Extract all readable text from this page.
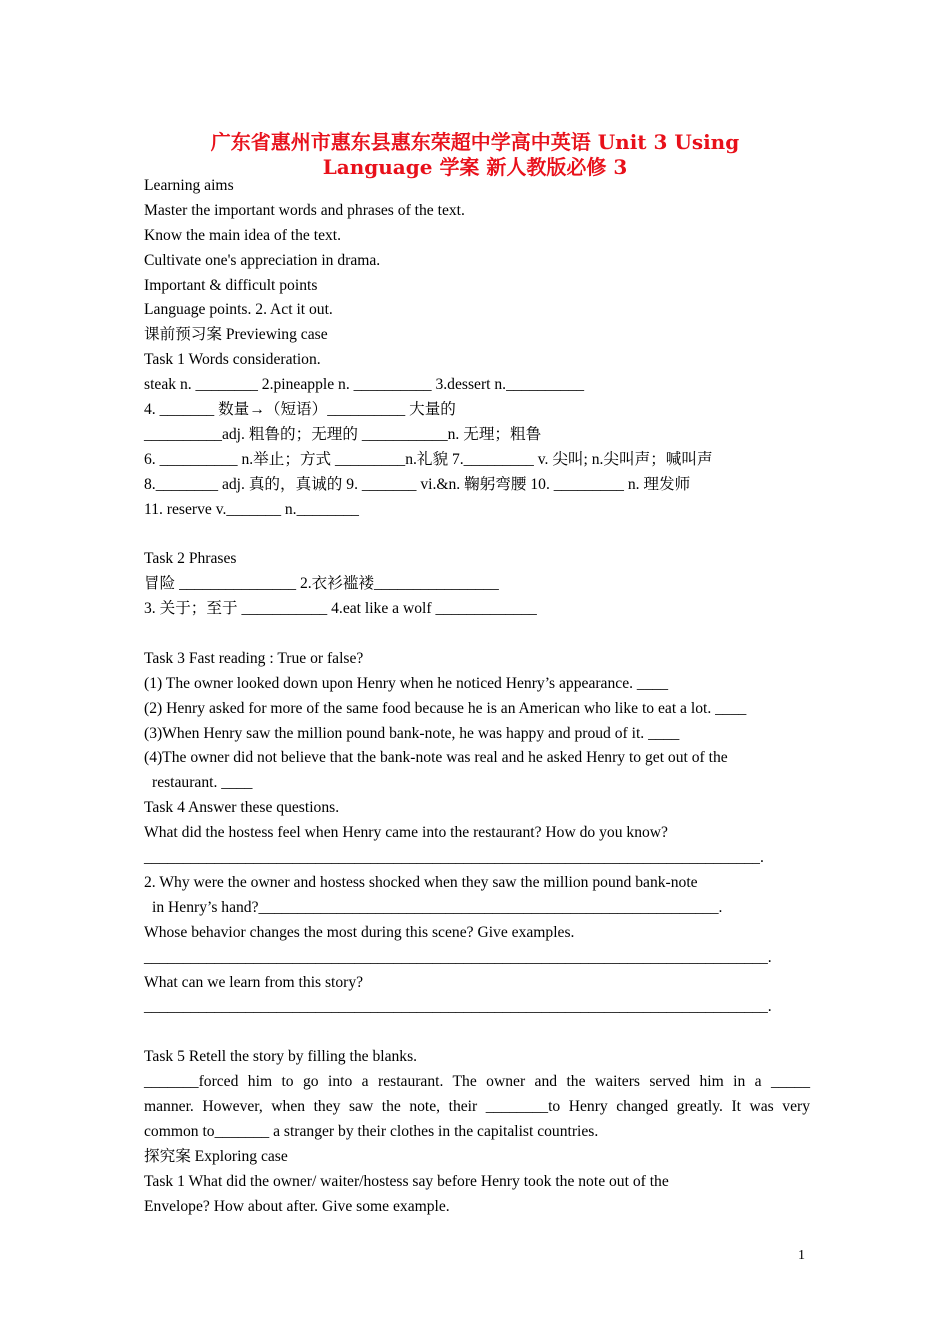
广东省惠州市惠东县惠东荣超中学高中英语 Unit 3 Using
Language 学案 新人教版必修 3
Learning aims
Master the important words and phrases of the text.
Know the main idea of the text.
Cultivate one's appreciation in drama.
Important & difficult points
Language points. 2. Act it out.
课前预习案 Previewing case
Task 1 Words consideration.
steak n. ________ 2.pineapple n. __________ 3.dessert n.__________
4. _______ 数量→（短语）__________ 大量的
__________adj. 粗鲁的；无理的 ___________n. 无理；粗鲁
6. __________ n.举止；方式 _________n.礼貌 7._________ v. 尖叫; n.尖叫声；喊叫声
8.________ adj. 真的，真诚的 9. _______ vi.&n. 鞠躬弯腰 10. _________ n. 理发师
11. reserve v._______ n.________
Task 2 Phrases
冒险 _______________ 2.衣衫褴褛________________
3. 关于；至于 ___________ 4.eat like a wolf _____________
Task 3 Fast reading : True or false?
(1) The owner looked down upon Henry when he noticed Henry’s appearance. ____
(2) Henry asked for more of the same food because he is an American who like to eat a lot. ____
(3)When Henry saw the million pound bank-note, he was happy and proud of it. ____
(4)The owner did not believe that the bank-note was real and he asked Henry to get out of the
restaurant. ____
Task 4 Answer these questions.
What did the hostess feel when Henry came into the restaurant? How do you know?
_______________________________________________________________________________.
2. Why were the owner and hostess shocked when they saw the million pound bank-note
in Henry’s hand?___________________________________________________________.
Whose behavior changes the most during this scene? Give examples.
________________________________________________________________________________.
What can we learn from this story?
________________________________________________________________________________.
Task 5 Retell the story by filling the blanks.
_______forced him to go into a restaurant. The owner and the waiters served him in a _____
manner. However, when they saw the note, their ________to Henry changed greatly. It was very
common to_______ a stranger by their clothes in the capitalist countries.
探究案 Exploring case
Task 1 What did the owner/ waiter/hostess say before Henry took the note out of the
Envelope? How about after. Give some example.
1
